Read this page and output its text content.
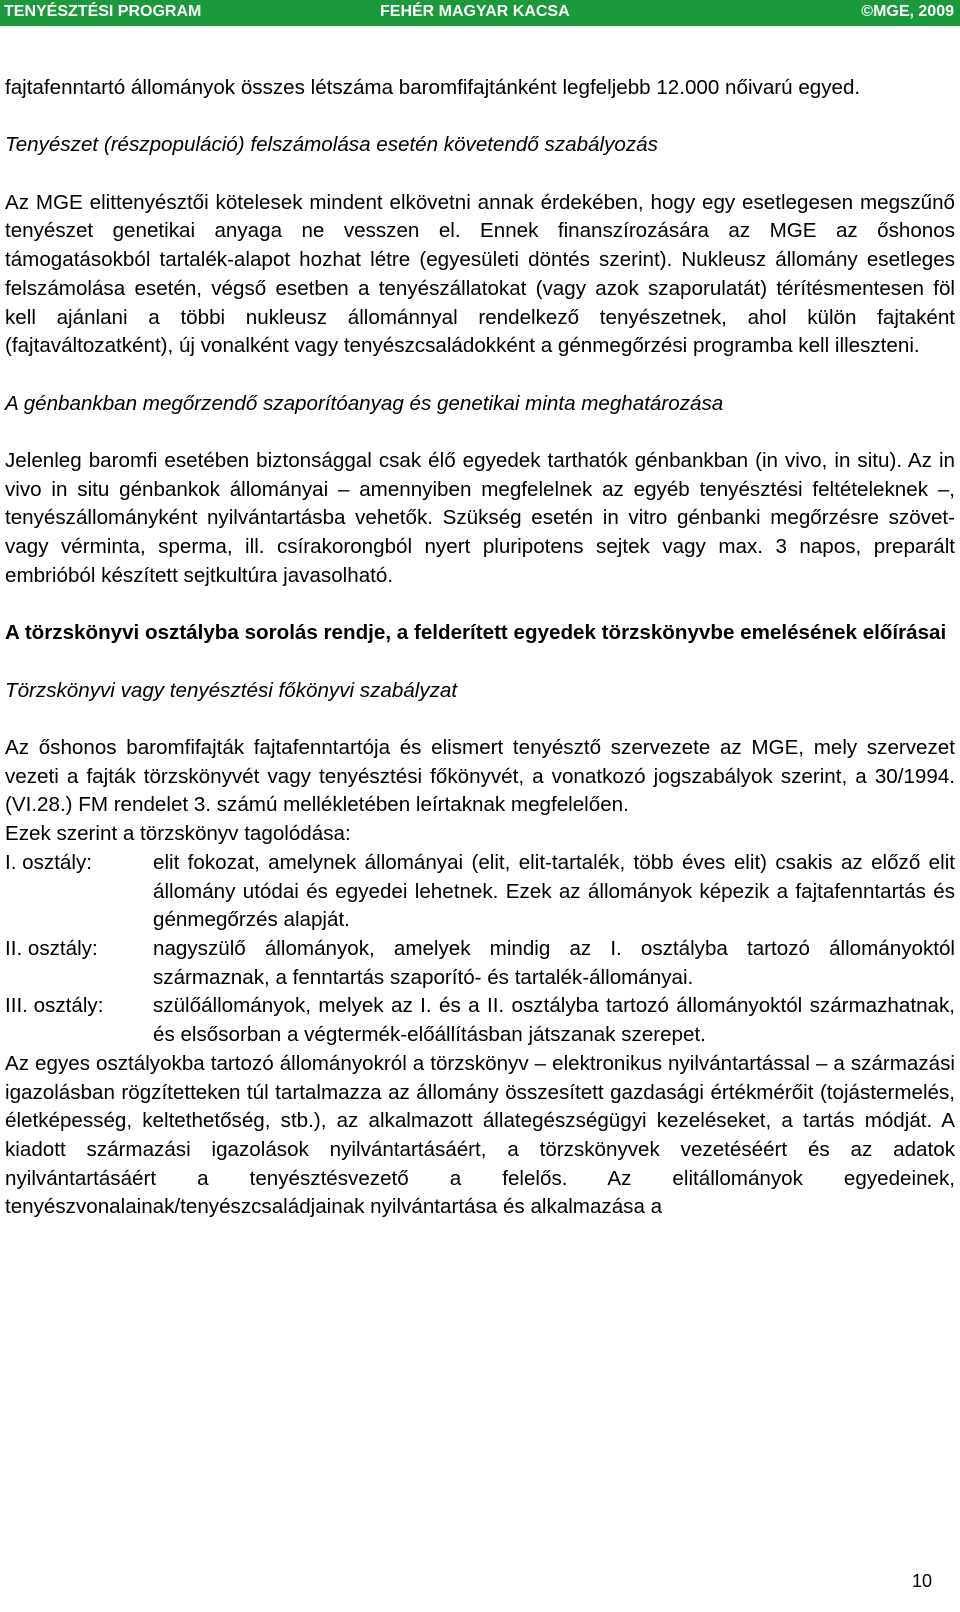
TENYÉSZTÉSI PROGRAM	FEHÉR MAGYAR KACSA	©MGE, 2009

fajtafenntartó állományok összes létszáma baromfifajtánként legfeljebb 12.000 nőivarú egyed.

Tenyészet (részpopuláció) felszámolása esetén követendő szabályozás

Az MGE elittenyésztői kötelesek mindent elkövetni annak érdekében, hogy egy esetlegesen megszűnő tenyészet genetikai anyaga ne vesszen el. Ennek finanszírozására az MGE az őshonos támogatásokból tartalék-alapot hozhat létre (egyesületi döntés szerint). Nukleusz állomány esetleges felszámolása esetén, végső esetben a tenyészállatokat (vagy azok szaporulatát) térítésmentesen föl kell ajánlani a többi nukleusz állománnyal rendelkező tenyészetnek, ahol külön fajtaként (fajtaváltozatként), új vonalként vagy tenyészcsaládokként a génmegőrzési programba kell illeszteni.

A génbankban megőrzendő szaporítóanyag és genetikai minta meghatározása

Jelenleg baromfi esetében biztonsággal csak élő egyedek tarthatók génbankban (in vivo, in situ). Az in vivo in situ génbankok állományai – amennyiben megfelelnek az egyéb tenyésztési feltételeknek –, tenyészállományként nyilvántartásba vehetők. Szükség esetén in vitro génbanki megőrzésre szövet- vagy vérminta, sperma, ill. csírakorongból nyert pluripotens sejtek vagy max. 3 napos, preparált embrióból készített sejtkultúra javasolható.

A törzskönyvi osztályba sorolás rendje, a felderített egyedek törzskönyvbe emelésének előírásai

Törzskönyvi vagy tenyésztési főkönyvi szabályzat

Az őshonos baromfifajták fajtafenntartója és elismert tenyésztő szervezete az MGE, mely szervezet vezeti a fajták törzskönyvét vagy tenyésztési főkönyvét, a vonatkozó jogszabályok szerint, a 30/1994. (VI.28.) FM rendelet 3. számú mellékletében leírtaknak megfelelően.

Ezek szerint a törzskönyv tagolódása:

I. osztály:	elit fokozat, amelynek állományai (elit, elit-tartalék, több éves elit) csakis az előző elit állomány utódai és egyedei lehetnek. Ezek az állományok képezik a fajtafenntartás és génmegőrzés alapját.
II. osztály:	nagyszülő állományok, amelyek mindig az I. osztályba tartozó állományoktól származnak, a fenntartás szaporító- és tartalék-állományai.
III. osztály:	szülőállományok, melyek az I. és a II. osztályba tartozó állományoktól származhatnak, és elsősorban a végtermék-előállításban játszanak szerepet.

Az egyes osztályokba tartozó állományokról a törzskönyv – elektronikus nyilvántartással – a származási igazolásban rögzítetteken túl tartalmazza az állomány összesített gazdasági értékmérőit (tojástermelés, életképesség, keltethetőség, stb.), az alkalmazott állategészségügyi kezeléseket, a tartás módját. A kiadott származási igazolások nyilvántartásáért, a törzskönyvek vezetéséért és az adatok nyilvántartásáért a tenyésztésvezető a felelős. Az elitállományok egyedeinek, tenyészvonalainak/tenyészcsaládjainak nyilvántartása és alkalmazása a

10
